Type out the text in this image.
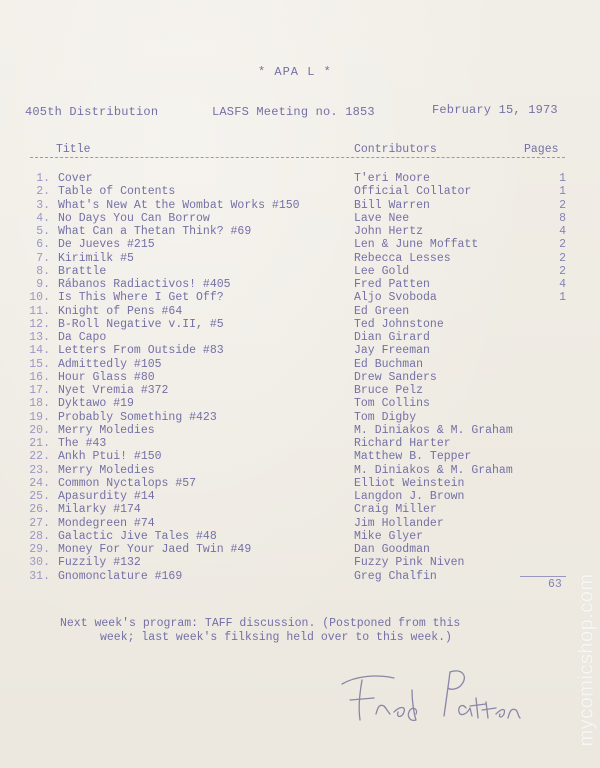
* APA L *
405th Distribution	LASFS Meeting no. 1853	February 15, 1973
Title	Contributors	Pages
1. Cover	T'eri Moore	1
2. Table of Contents	Official Collator	1
3. What's New At the Wombat Works #150	Bill Warren	2
4. No Days You Can Borrow	Lave Nee	8
5. What Can a Thetan Think? #69	John Hertz	4
6. De Jueves #215	Len & June Moffatt	2
7. Kirimilk #5	Rebecca Lesses	2
8. Brattle	Lee Gold	2
9. Rábanos Radiactivos! #405	Fred Patten	4
10. Is This Where I Get Off?	Aljo Svoboda	1
11. Knight of Pens #64	Ed Green
12. B-Roll Negative v.II, #5	Ted Johnstone
13. Da Capo	Dian Girard
14. Letters From Outside #83	Jay Freeman
15. Admittedly #105	Ed Buchman
16. Hour Glass #80	Drew Sanders
17. Nyet Vremia #372	Bruce Pelz
18. Dyktawo #19	Tom Collins
19. Probably Something #423	Tom Digby
20. Merry Moledies	M. Diniakos & M. Graham
21. The #43	Richard Harter
22. Ankh Ptui! #150	Matthew B. Tepper
23. Merry Moledies	M. Diniakos & M. Graham
24. Common Nyctalops #57	Elliot Weinstein
25. Apasurdity #14	Langdon J. Brown
26. Milarky #174	Craig Miller
27. Mondegreen #74	Jim Hollander
28. Galactic Jive Tales #48	Mike Glyer
29. Money For Your Jaed Twin #49	Dan Goodman
30. Fuzzily #132	Fuzzy Pink Niven
31. Gnomonclature #169	Greg Chalfin
63
Next week's program: TAFF discussion. (Postponed from this
week; last week's filksing held over to this week.)	mycomicshop.com
